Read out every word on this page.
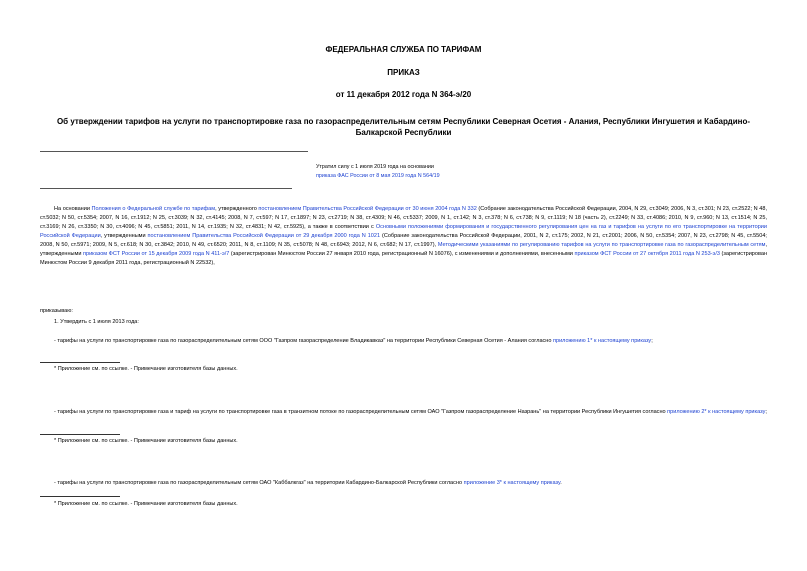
ФЕДЕРАЛЬНАЯ СЛУЖБА ПО ТАРИФАМ
ПРИКАЗ
от 11 декабря 2012 года N 364-э/20
Об утверждении тарифов на услуги по транспортировке газа по газораспределительным сетям Республики Северная Осетия - Алания, Республики Ингушетия и Кабардино-Балкарской Республики
Утратил силу с 1 июля 2019 года на основании
приказа ФАС России от 8 мая 2019 года N 564/19
На основании Положения о Федеральной службе по тарифам, утвержденного постановлением Правительства Российской Федерации от 30 июня 2004 года N 332 (Собрание законодательства Российской Федерации, 2004, N 29, ст.3049; 2006, N 3, ст.301; N 23, ст.2522; N 48, ст.5032; N 50, ст.5354; 2007, N 16, ст.1912; N 25, ст.3039; N 32, ст.4145; 2008, N 7, ст.597; N 17, ст.1897; N 23, ст.2719; N 38, ст.4309; N 46, ст.5337; 2009, N 1, ст.142; N 3, ст.378; N 6, ст.738; N 9, ст.1119; N 18 (часть 2), ст.2249; N 33, ст.4086; 2010, N 9, ст.960; N 13, ст.1514; N 25, ст.3169; N 26, ст.3350; N 30, ст.4096; N 45, ст.5851; 2011, N 14, ст.1935; N 32, ст.4831; N 42, ст.5925), а также в соответствии с Основными положениями формирования и государственного регулирования цен на газ и тарифов на услуги по его транспортировке на территории Российской Федерации, утвержденными постановлением Правительства Российской Федерации от 29 декабря 2000 года N 1021 (Собрание законодательства Российской Федерации, 2001, N 2, ст.175; 2002, N 21, ст.2001; 2006, N 50, ст.5354; 2007, N 23, ст.2798; N 45, ст.5504; 2008, N 50, ст.5971; 2009, N 5, ст.618; N 30, ст.3842; 2010, N 49, ст.6520; 2011, N 8, ст.1109; N 35, ст.5078; N 48, ст.6943; 2012, N 6, ст.682; N 17, ст.1997), Методическими указаниями по регулированию тарифов на услуги по транспортировке газа по газораспределительным сетям, утвержденными приказом ФСТ России от 15 декабря 2009 года N 411-э/7 (зарегистрирован Минюстом России 27 января 2010 года, регистрационный N 16076), с изменениями и дополнениями, внесенными приказом ФСТ России от 27 октября 2011 года N 253-э/3 (зарегистрирован Минюстом России 9 декабря 2011 года, регистрационный N 22532),
приказываю:
1. Утвердить с 1 июля 2013 года:
- тарифы на услуги по транспортировке газа по газораспределительным сетям ООО "Газпром газораспределение Владикавказ" на территории Республики Северная Осетия - Алания согласно приложению 1* к настоящему приказу;
* Приложение см. по ссылке. - Примечание изготовителя базы данных.
- тарифы на услуги по транспортировке газа и тариф на услуги по транспортировке газа в транзитном потоке по газораспределительным сетям ОАО "Газпром газораспределение Назрань" на территории Республики Ингушетия согласно приложению 2* к настоящему приказу;
* Приложение см. по ссылке. - Примечание изготовителя базы данных.
- тарифы на услуги по транспортировке газа по газораспределительным сетям ОАО "Каббалкгаз" на территории Кабардино-Балкарской Республики согласно приложение 3* к настоящему приказу.
* Приложение см. по ссылке. - Примечание изготовителя базы данных.
